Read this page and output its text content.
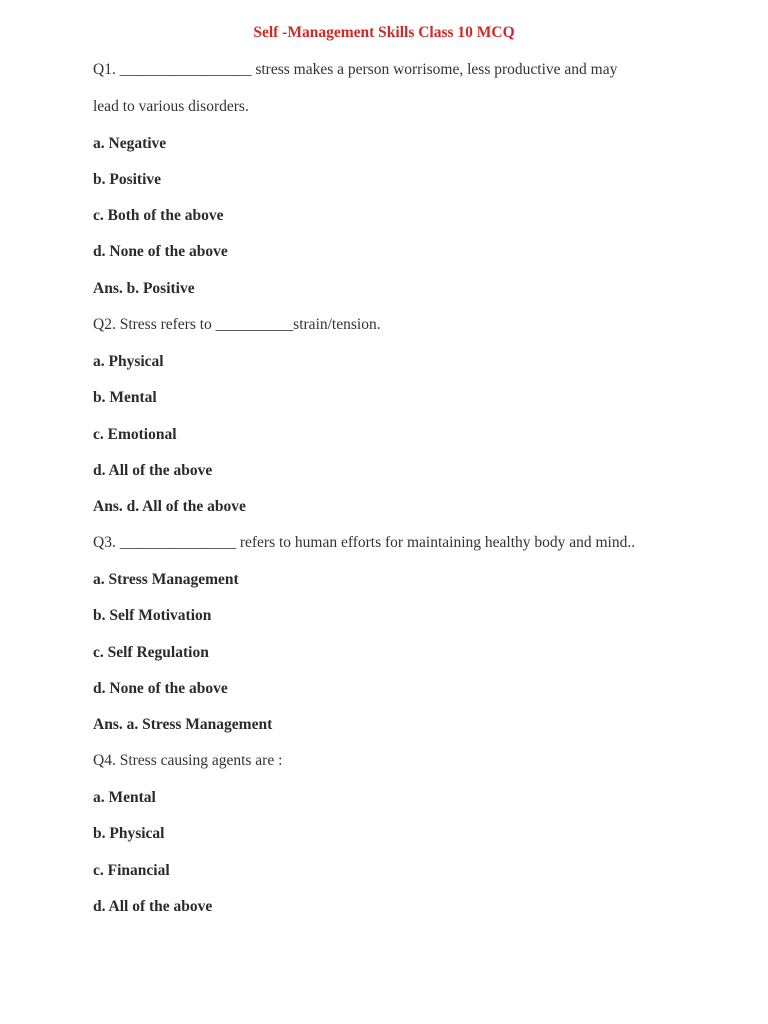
Self -Management Skills Class 10 MCQ
Q1. _________________ stress makes a person worrisome, less productive and may
lead to various disorders.
a. Negative
b. Positive
c. Both of the above
d. None of the above
Ans. b. Positive
Q2. Stress refers to __________strain/tension.
a. Physical
b. Mental
c. Emotional
d. All of the above
Ans. d. All of the above
Q3. _______________ refers to human efforts for maintaining healthy body and mind..
a. Stress Management
b. Self Motivation
c. Self Regulation
d. None of the above
Ans. a. Stress Management
Q4. Stress causing agents are :
a. Mental
b. Physical
c. Financial
d. All of the above
